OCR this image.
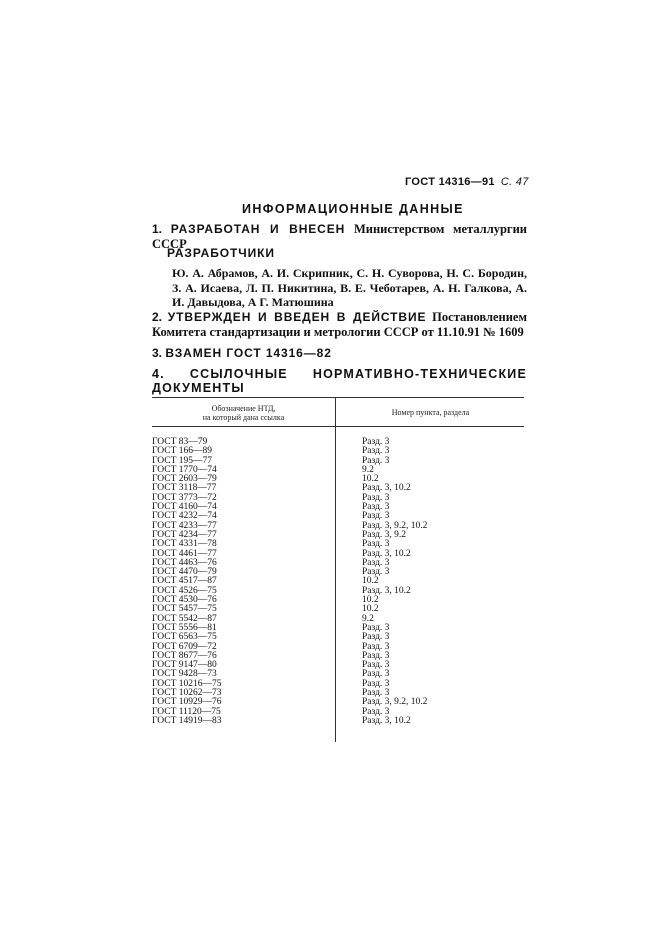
ГОСТ 14316—91 С. 47
ИНФОРМАЦИОННЫЕ ДАННЫЕ
1. РАЗРАБОТАН И ВНЕСЕН Министерством металлургии СССР
РАЗРАБОТЧИКИ
Ю. А. Абрамов, А. И. Скрипник, С. Н. Суворова, Н. С. Бородин, З. А. Исаева, Л. П. Никитина, В. Е. Чеботарев, А. Н. Галкова, А. И. Давыдова, А Г. Матюшина
2. УТВЕРЖДЕН И ВВЕДЕН В ДЕЙСТВИЕ Постановлением Комитета стандартизации и метрологии СССР от 11.10.91 № 1609
3. ВЗАМЕН ГОСТ 14316—82
4. ССЫЛОЧНЫЕ НОРМАТИВНО-ТЕХНИЧЕСКИЕ ДОКУМЕНТЫ
Обозначение НТД,
на который дана ссылка
Номер пункта, раздела
ГОСТ 83—79
ГОСТ 166—89
ГОСТ 195—77
ГОСТ 1770—74
ГОСТ 2603—79
ГОСТ 3118—77
ГОСТ 3773—72
ГОСТ 4160—74
ГОСТ 4232—74
ГОСТ 4233—77
ГОСТ 4234—77
ГОСТ 4331—78
ГОСТ 4461—77
ГОСТ 4463—76
ГОСТ 4470—79
ГОСТ 4517—87
ГОСТ 4526—75
ГОСТ 4530—76
ГОСТ 5457—75
ГОСТ 5542—87
ГОСТ 5556—81
ГОСТ 6563—75
ГОСТ 6709—72
ГОСТ 8677—76
ГОСТ 9147—80
ГОСТ 9428—73
ГОСТ 10216—75
ГОСТ 10262—73
ГОСТ 10929—76
ГОСТ 11120—75
ГОСТ 14919—83
Разд. 3
Разд. 3
Разд. 3
9.2
10.2
Разд. 3, 10.2
Разд. 3
Разд. 3
Разд. 3
Разд. 3, 9.2, 10.2
Разд. 3, 9.2
Разд. 3
Разд. 3, 10.2
Разд. 3
Разд. 3
10.2
Разд. 3, 10.2
10.2
10.2
9.2
Разд. 3
Разд. 3
Разд. 3
Разд. 3
Разд. 3
Разд. 3
Разд. 3
Разд. 3
Разд. 3, 9.2, 10.2
Разд. 3
Разд. 3, 10.2
